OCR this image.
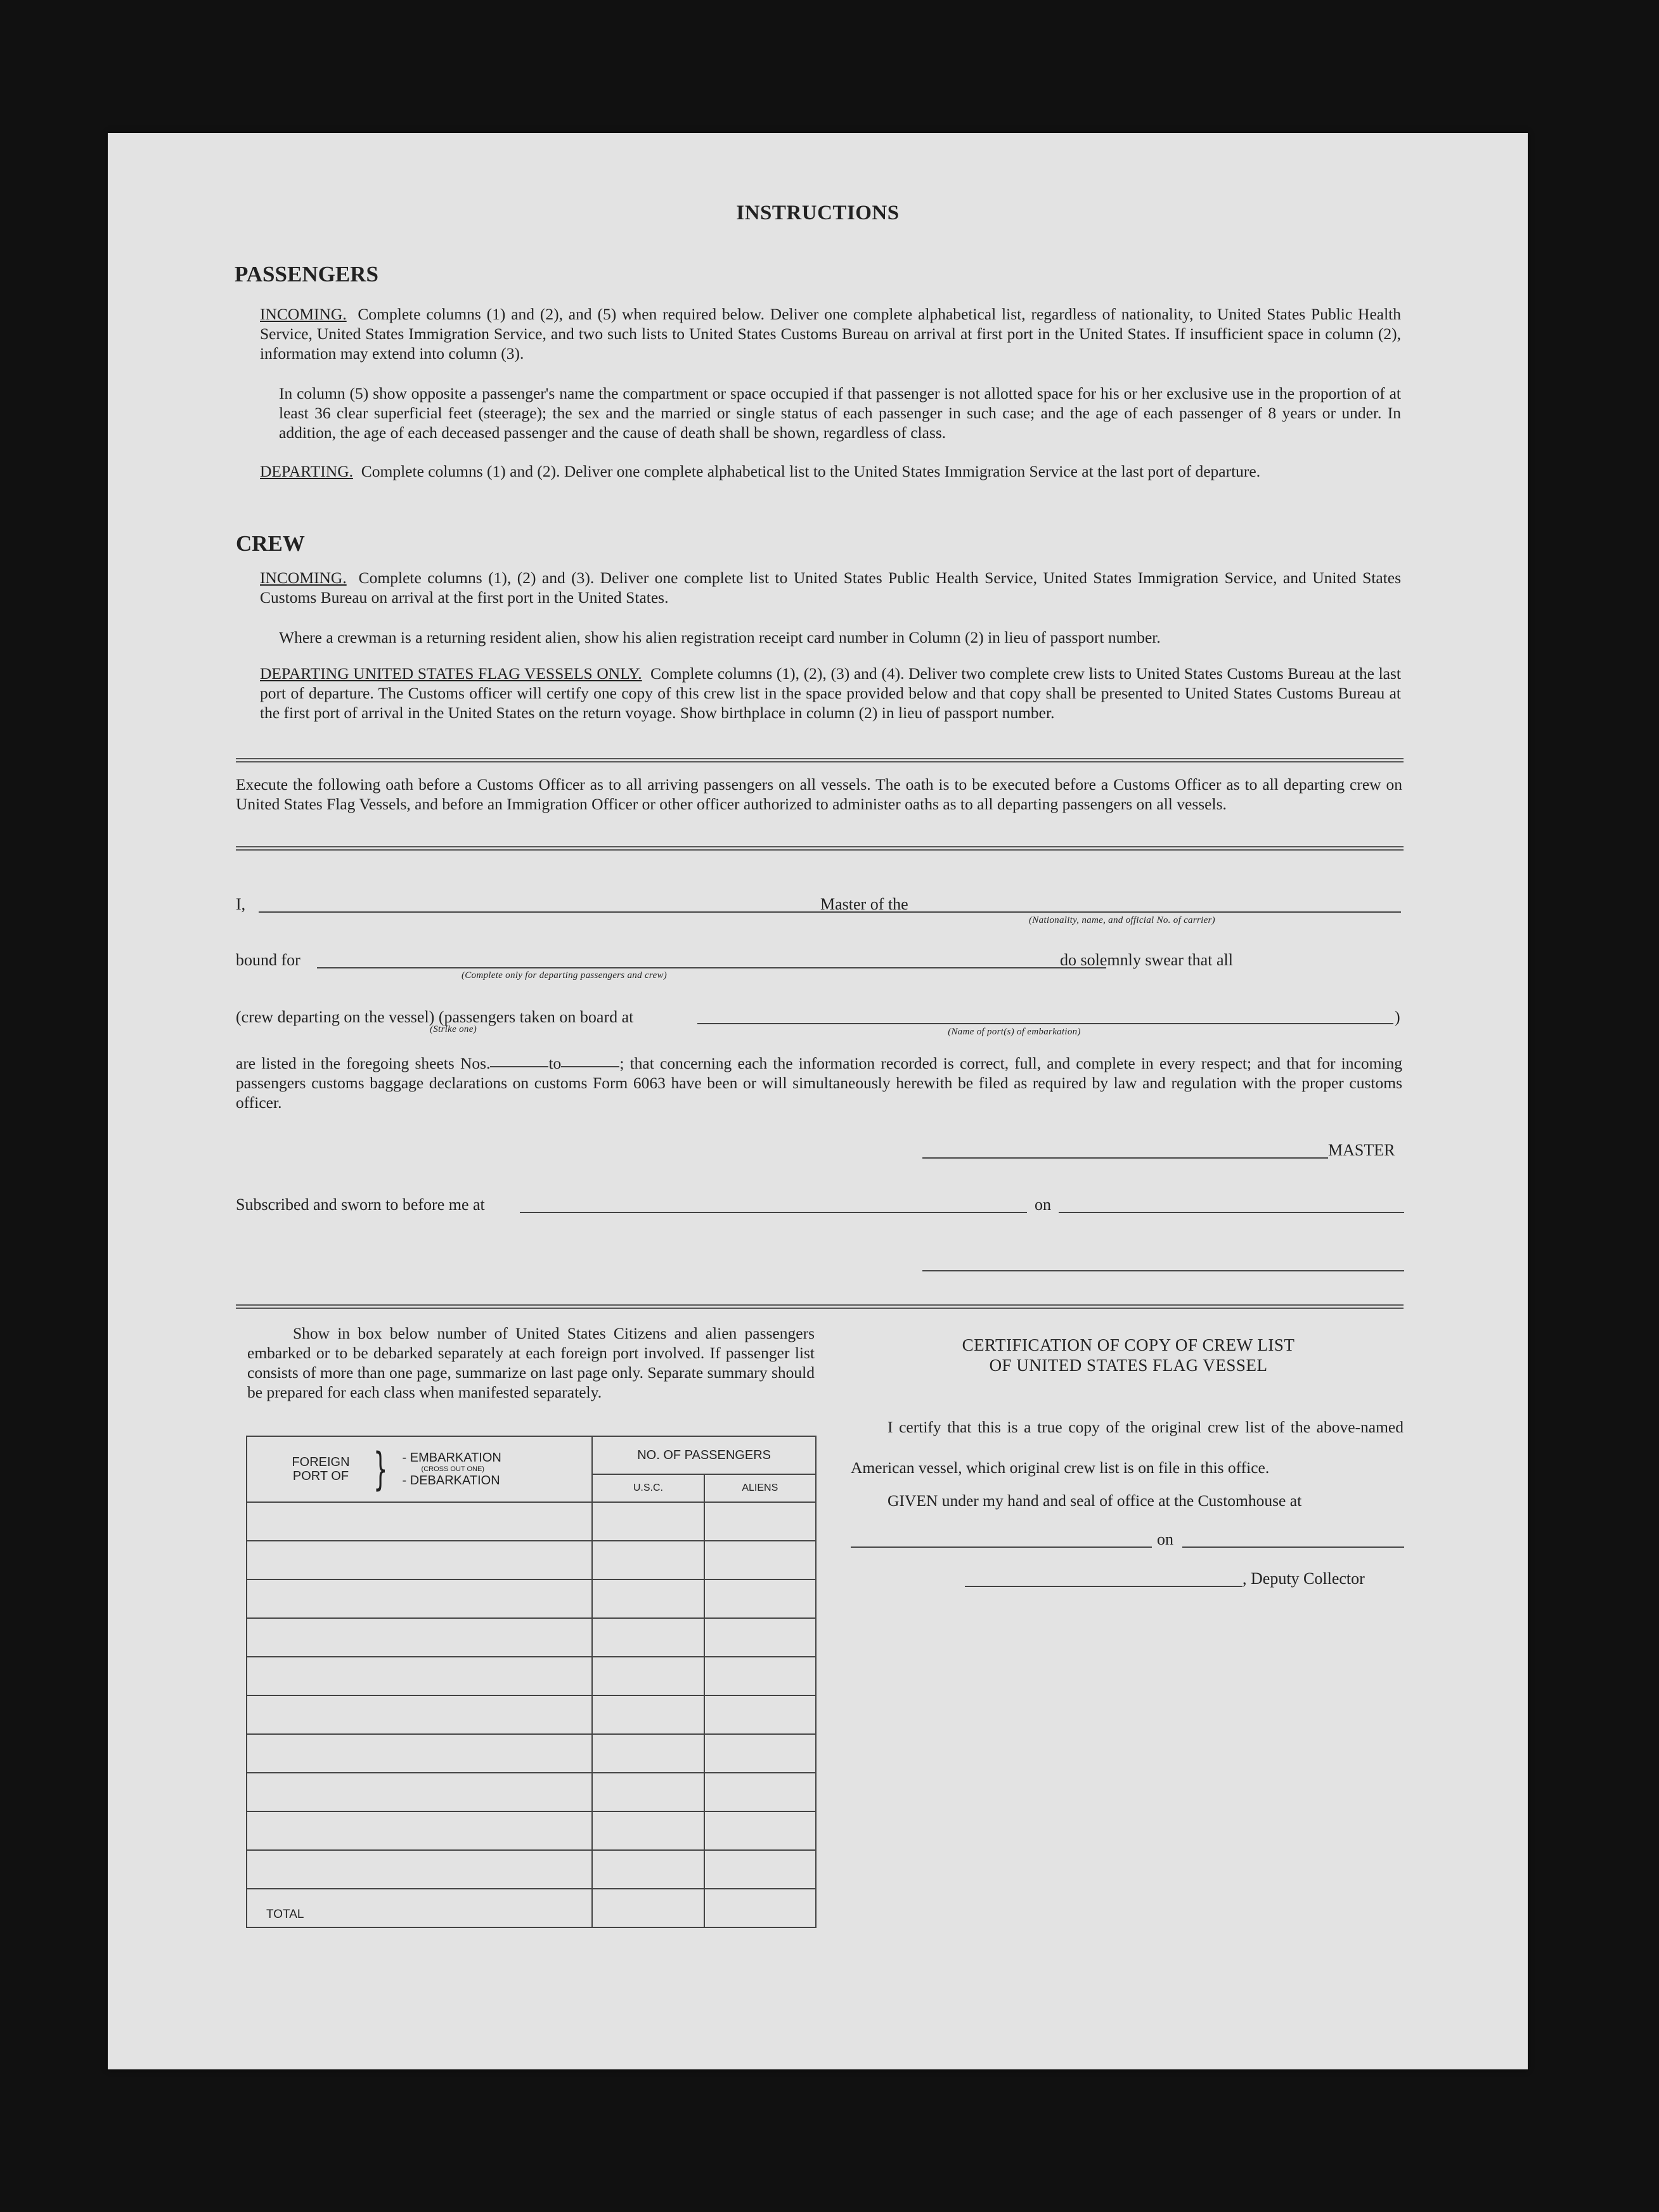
INSTRUCTIONS
PASSENGERS
INCOMING. Complete columns (1) and (2), and (5) when required below. Deliver one complete alphabetical list, regardless of nationality, to United States Public Health Service, United States Immigration Service, and two such lists to United States Customs Bureau on arrival at first port in the United States. If insufficient space in column (2), information may extend into column (3).
In column (5) show opposite a passenger's name the compartment or space occupied if that passenger is not allotted space for his or her exclusive use in the proportion of at least 36 clear superficial feet (steerage); the sex and the married or single status of each passenger in such case; and the age of each passenger of 8 years or under. In addition, the age of each deceased passenger and the cause of death shall be shown, regardless of class.
DEPARTING. Complete columns (1) and (2). Deliver one complete alphabetical list to the United States Immigration Service at the last port of departure.
CREW
INCOMING. Complete columns (1), (2) and (3). Deliver one complete list to United States Public Health Service, United States Immigration Service, and United States Customs Bureau on arrival at the first port in the United States.
Where a crewman is a returning resident alien, show his alien registration receipt card number in Column (2) in lieu of passport number.
DEPARTING UNITED STATES FLAG VESSELS ONLY. Complete columns (1), (2), (3) and (4). Deliver two complete crew lists to United States Customs Bureau at the last port of departure. The Customs officer will certify one copy of this crew list in the space provided below and that copy shall be presented to United States Customs Bureau at the first port of arrival in the United States on the return voyage. Show birthplace in column (2) in lieu of passport number.
Execute the following oath before a Customs Officer as to all arriving passengers on all vessels. The oath is to be executed before a Customs Officer as to all departing crew on United States Flag Vessels, and before an Immigration Officer or other officer authorized to administer oaths as to all departing passengers on all vessels.
I,	Master of the
(Nationality, name, and official No. of carrier)
bound for
(Complete only for departing passengers and crew)
do solemnly swear that all
(crew departing on the vessel) (passengers taken on board at
(Strike one)	(Name of port(s) of embarkation)
)
are listed in the foregoing sheets Nos.	to	; that concerning each the information recorded is correct, full, and complete in every respect; and that for incoming passengers customs baggage declarations on customs Form 6063 have been or will simultaneously herewith be filed as required by law and regulation with the proper customs officer.
MASTER
Subscribed and sworn to before me at	on
Show in box below number of United States Citizens and alien passengers embarked or to be debarked separately at each foreign port involved. If passenger list consists of more than one page, summarize on last page only. Separate summary should be prepared for each class when manifested separately.
FOREIGN PORT OF } - EMBARKATION
(CROSS OUT ONE)
- DEBARKATION	NO. OF PASSENGERS	
	U.S.C.	ALIENS

TOTAL		
CERTIFICATION OF COPY OF CREW LIST
OF UNITED STATES FLAG VESSEL
I certify that this is a true copy of the original crew list of the above-named American vessel, which original crew list is on file in this office.
GIVEN under my hand and seal of office at the Customhouse at
on
, Deputy Collector
